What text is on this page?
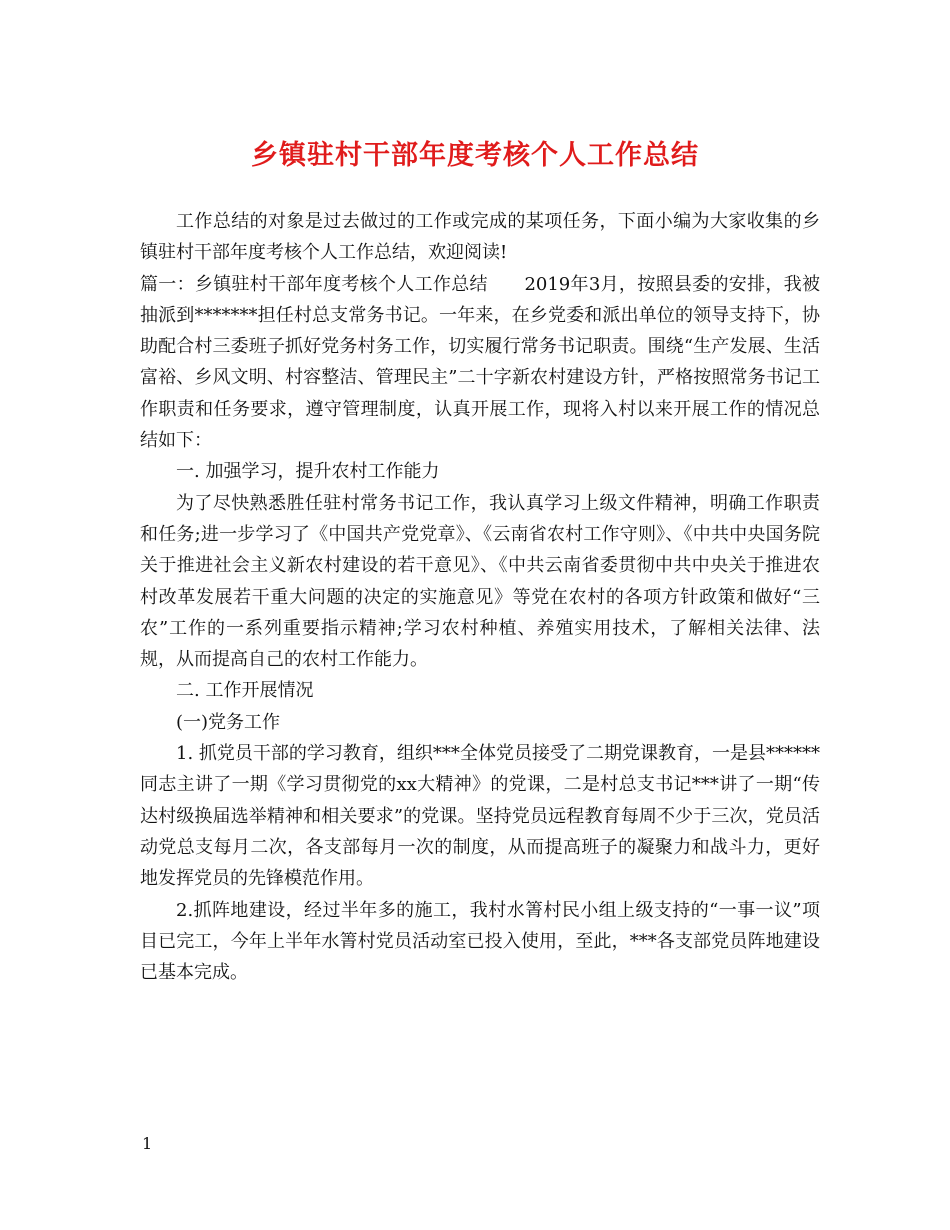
乡镇驻村干部年度考核个人工作总结

工作总结的对象是过去做过的工作或完成的某项任务，下面小编为大家收集的乡镇驻村干部年度考核个人工作总结，欢迎阅读!

篇一：乡镇驻村干部年度考核个人工作总结　　2019年3月，按照县委的安排，我被抽派到*******担任村总支常务书记。一年来，在乡党委和派出单位的领导支持下，协助配合村三委班子抓好党务村务工作，切实履行常务书记职责。围绕“生产发展、生活富裕、乡风文明、村容整洁、管理民主”二十字新农村建设方针，严格按照常务书记工作职责和任务要求，遵守管理制度，认真开展工作，现将入村以来开展工作的情况总结如下：

一. 加强学习，提升农村工作能力

为了尽快熟悉胜任驻村常务书记工作，我认真学习上级文件精神，明确工作职责和任务;进一步学习了《中国共产党党章》、《云南省农村工作守则》、《中共中央国务院关于推进社会主义新农村建设的若干意见》、《中共云南省委贯彻中共中央关于推进农村改革发展若干重大问题的决定的实施意见》等党在农村的各项方针政策和做好“三农”工作的一系列重要指示精神;学习农村种植、养殖实用技术，了解相关法律、法规，从而提高自己的农村工作能力。

二. 工作开展情况

(一)党务工作

1. 抓党员干部的学习教育，组织***全体党员接受了二期党课教育，一是县******同志主讲了一期《学习贯彻党的xx大精神》的党课，二是村总支书记***讲了一期“传达村级换届选举精神和相关要求”的党课。坚持党员远程教育每周不少于三次，党员活动党总支每月二次，各支部每月一次的制度，从而提高班子的凝聚力和战斗力，更好地发挥党员的先锋模范作用。

2.抓阵地建设，经过半年多的施工，我村水箐村民小组上级支持的“一事一议”项目已完工，今年上半年水箐村党员活动室已投入使用，至此，***各支部党员阵地建设已基本完成。

1
